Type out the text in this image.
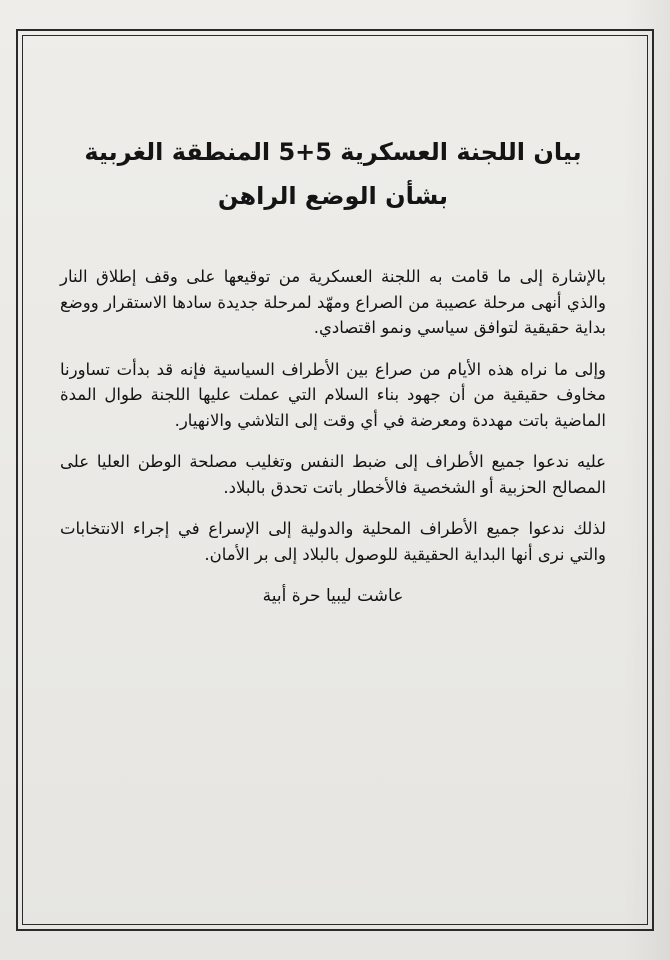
بيان اللجنة العسكرية 5+5 المنطقة الغربية بشأن الوضع الراهن

بالإشارة إلى ما قامت به اللجنة العسكرية من توقيعها على وقف إطلاق النار والذي أنهى مرحلة عصيبة من الصراع ومهّد لمرحلة جديدة سادها الاستقرار ووضع بداية حقيقية لتوافق سياسي ونمو اقتصادي.

وإلى ما نراه هذه الأيام من صراع بين الأطراف السياسية فإنه قد بدأت تساورنا مخاوف حقيقية من أن جهود بناء السلام التي عملت عليها اللجنة طوال المدة الماضية باتت مهددة ومعرضة في أي وقت إلى التلاشي والانهيار.

عليه ندعوا جميع الأطراف إلى ضبط النفس وتغليب مصلحة الوطن العليا على المصالح الحزبية أو الشخصية فالأخطار باتت تحدق بالبلاد.

لذلك ندعوا جميع الأطراف المحلية والدولية إلى الإسراع في إجراء الانتخابات والتي نرى أنها البداية الحقيقية للوصول بالبلاد إلى بر الأمان.

عاشت ليبيا حرة أبية
